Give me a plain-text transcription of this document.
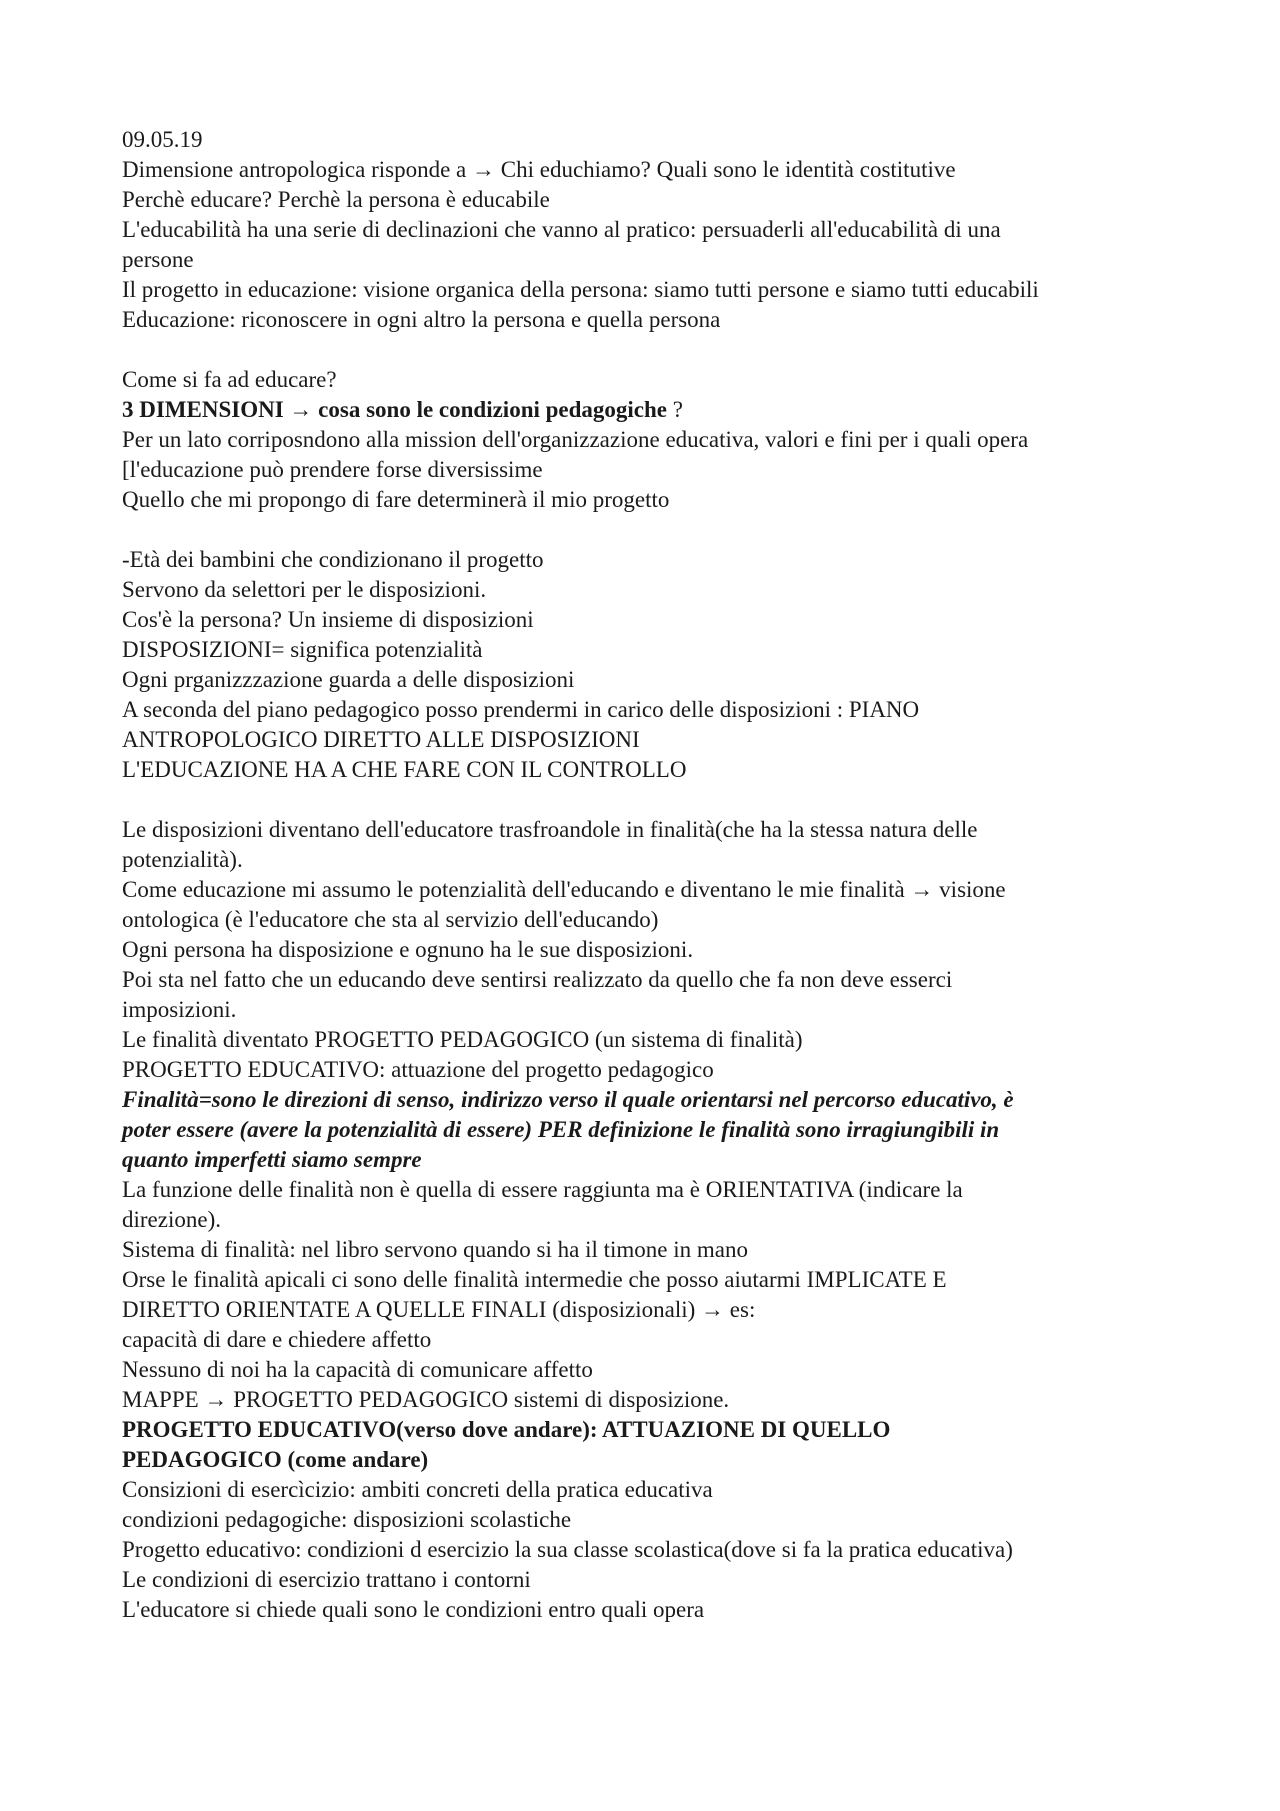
09.05.19
Dimensione antropologica risponde a → Chi educhiamo? Quali sono le identità costitutive
Perchè educare? Perchè la persona è educabile
L'educabilità ha una serie di declinazioni che vanno al pratico: persuaderli all'educabilità di una
persone
Il progetto in educazione: visione organica della persona: siamo tutti persone e siamo tutti educabili
Educazione: riconoscere in ogni altro la persona e quella persona
Come si fa ad educare?
3 DIMENSIONI → cosa sono le condizioni pedagogiche ?
Per un lato corriposndono alla mission dell'organizzazione educativa, valori e fini per i quali opera
[l'educazione può prendere forse diversissime
Quello che mi propongo di fare determinerà il mio progetto
-Età dei bambini che condizionano il progetto
Servono da selettori per le disposizioni.
Cos'è la persona? Un insieme di disposizioni
DISPOSIZIONI= significa potenzialità
Ogni prganizzzazione guarda a delle disposizioni
A seconda del piano pedagogico posso prendermi in carico delle disposizioni : PIANO
ANTROPOLOGICO DIRETTO ALLE DISPOSIZIONI
L'EDUCAZIONE HA A CHE FARE CON IL CONTROLLO
Le disposizioni diventano dell'educatore trasfroandole in finalità(che ha la stessa natura delle
potenzialità).
Come educazione mi assumo le potenzialità dell'educando e diventano le mie finalità → visione
ontologica (è l'educatore che sta al servizio dell'educando)
Ogni persona ha disposizione e ognuno ha le sue disposizioni.
Poi sta nel fatto che un educando deve sentirsi realizzato da quello che fa non deve esserci
imposizioni.
Le finalità diventato PROGETTO PEDAGOGICO (un sistema di finalità)
PROGETTO EDUCATIVO: attuazione del progetto pedagogico
Finalità=sono le direzioni di senso, indirizzo verso il quale orientarsi nel percorso educativo, è
poter essere (avere la potenzialità di essere) PER definizione le finalità sono irragiungibili in
quanto imperfetti siamo sempre
La funzione delle finalità non è quella di essere raggiunta ma è ORIENTATIVA (indicare la
direzione).
Sistema di finalità: nel libro servono quando si ha il timone in mano
Orse le finalità apicali ci sono delle finalità intermedie che posso aiutarmi IMPLICATE E
DIRETTO ORIENTATE A QUELLE FINALI (disposizionali) → es:
capacità di dare e chiedere affetto
Nessuno di noi ha la capacità di comunicare affetto
MAPPE → PROGETTO PEDAGOGICO sistemi di disposizione.
PROGETTO EDUCATIVO(verso dove andare): ATTUAZIONE DI QUELLO
PEDAGOGICO (come andare)
Consizioni di esercìcizio: ambiti concreti della pratica educativa
condizioni pedagogiche: disposizioni scolastiche
Progetto educativo: condizioni d esercizio la sua classe scolastica(dove si fa la pratica educativa)
Le condizioni di esercizio trattano i contorni
L'educatore si chiede quali sono le condizioni entro quali opera
